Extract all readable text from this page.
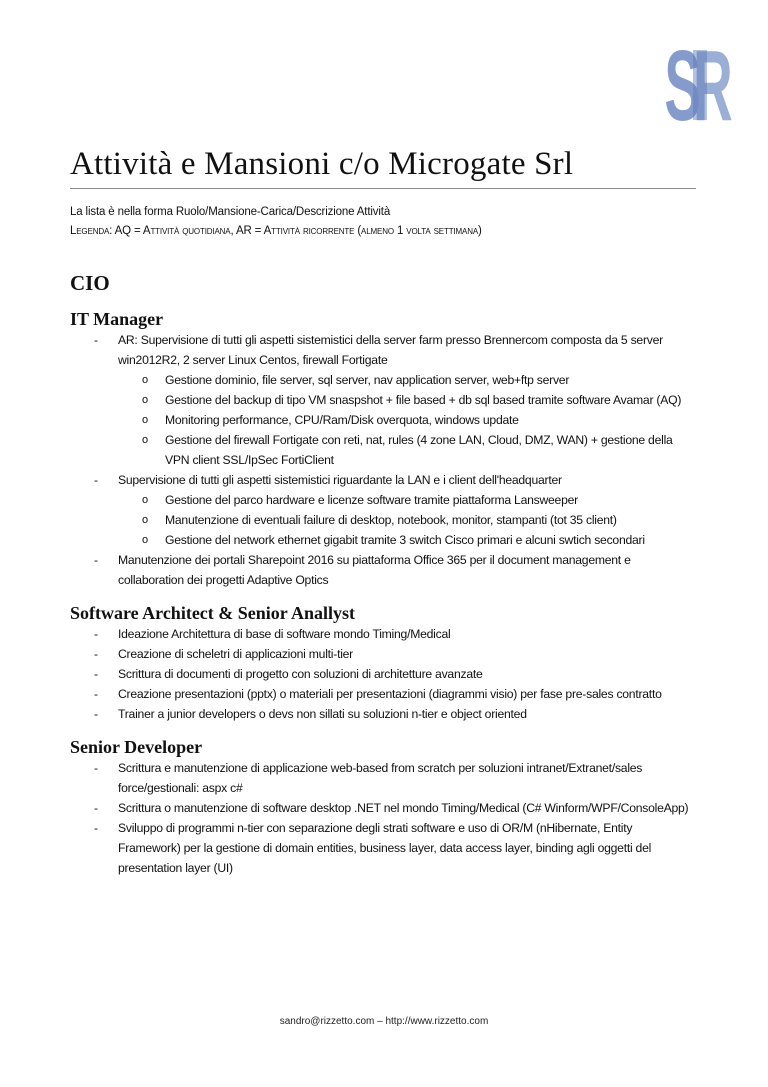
S
R
Attività e Mansioni c/o Microgate Srl
La lista è nella forma Ruolo/Mansione-Carica/Descrizione Attività
Legenda: AQ = Attività quotidiana, AR = Attività ricorrente (almeno 1 volta settimana)
CIO
IT Manager
- AR: Supervisione di tutti gli aspetti sistemistici della server farm presso Brennercom composta da 5 server win2012R2, 2 server Linux Centos, firewall Fortigate
o Gestione dominio, file server, sql server, nav application server, web+ftp server
o Gestione del backup di tipo VM snaspshot + file based + db sql based tramite software Avamar (AQ)
o Monitoring performance, CPU/Ram/Disk overquota, windows update
o Gestione del firewall Fortigate con reti, nat, rules (4 zone LAN, Cloud, DMZ, WAN) + gestione della VPN client SSL/IpSec FortiClient
- Supervisione di tutti gli aspetti sistemistici riguardante la LAN e i client dell'headquarter
o Gestione del parco hardware e licenze software tramite piattaforma Lansweeper
o Manutenzione di eventuali failure di desktop, notebook, monitor, stampanti (tot 35 client)
o Gestione del network ethernet gigabit tramite 3 switch Cisco primari e alcuni swtich secondari
- Manutenzione dei portali Sharepoint 2016 su piattaforma Office 365 per il document management e collaboration dei progetti Adaptive Optics
Software Architect & Senior Anallyst
- Ideazione Architettura di base di software mondo Timing/Medical
- Creazione di scheletri di applicazioni multi-tier
- Scrittura di documenti di progetto con soluzioni di architetture avanzate
- Creazione presentazioni (pptx) o materiali per presentazioni (diagrammi visio) per fase pre-sales contratto
- Trainer a junior developers o devs non sillati su soluzioni n-tier e object oriented
Senior Developer
- Scrittura e manutenzione di applicazione web-based from scratch per soluzioni intranet/Extranet/sales force/gestionali: aspx c#
- Scrittura o manutenzione di software desktop .NET nel mondo Timing/Medical (C# Winform/WPF/ConsoleApp)
- Sviluppo di programmi n-tier con separazione degli strati software e uso di OR/M (nHibernate, Entity Framework) per la gestione di domain entities, business layer, data access layer, binding agli oggetti del presentation layer (UI)
sandro@rizzetto.com – http://www.rizzetto.com
